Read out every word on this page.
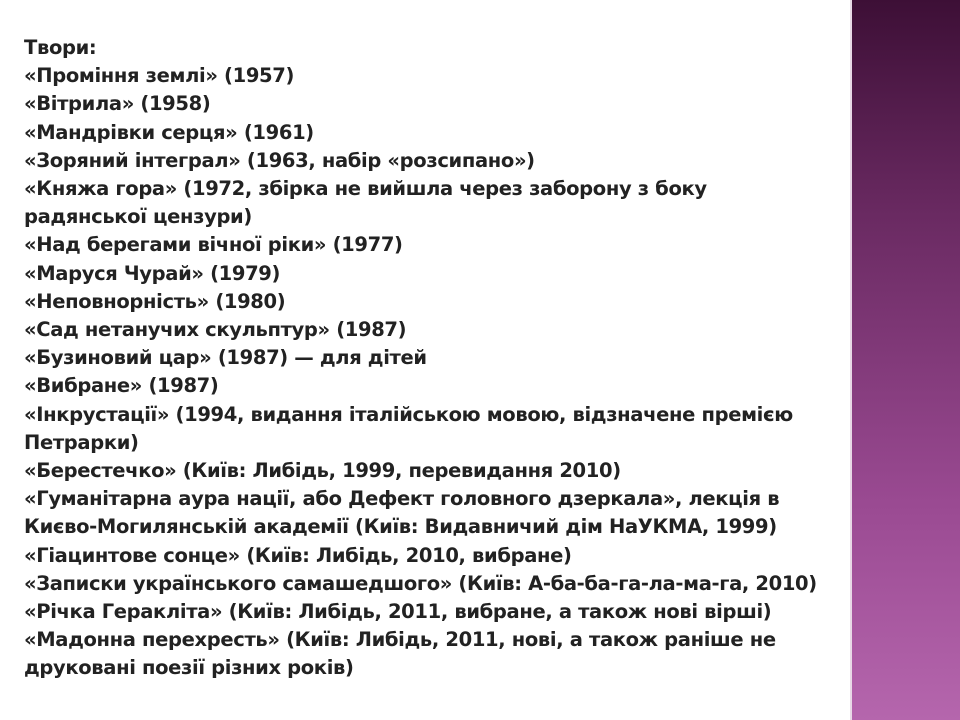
Твори:
«Проміння землі» (1957)
«Вітрила» (1958)
«Мандрівки серця» (1961)
«Зоряний інтеграл» (1963, набір «розсипано»)
«Княжа гора» (1972, збірка не вийшла через заборону з боку
радянської цензури)
«Над берегами вічної ріки» (1977)
«Маруся Чурай» (1979)
«Неповнорність» (1980)
«Сад нетанучих скульптур» (1987)
«Бузиновий цар» (1987) — для дітей
«Вибране» (1987)
«Інкрустації» (1994, видання італійською мовою, відзначене премією
Петрарки)
«Берестечко» (Київ: Либідь, 1999, перевидання 2010)
«Гуманітарна аура нації, або Дефект головного дзеркала», лекція в
Києво-Могилянській академії (Київ: Видавничий дім НаУКМА, 1999)
«Гіацинтове сонце» (Київ: Либідь, 2010, вибране)
«Записки українського самашедшого» (Київ: А-ба-ба-га-ла-ма-га, 2010)
«Річка Геракліта» (Київ: Либідь, 2011, вибране, а також нові вірші)
«Мадонна перехресть» (Київ: Либідь, 2011, нові, а також раніше не
друковані поезії різних років)
